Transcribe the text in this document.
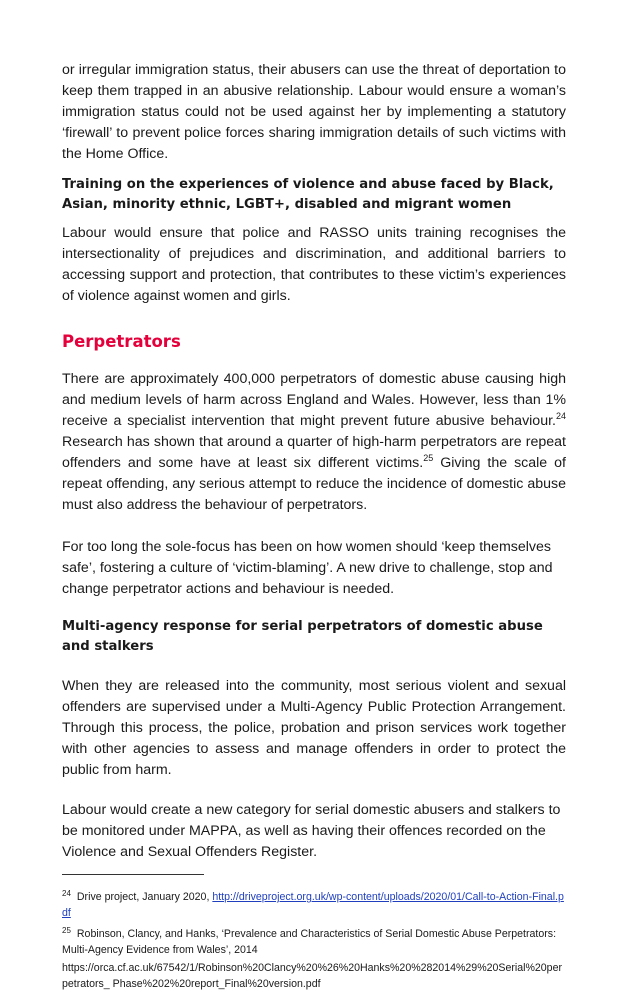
or irregular immigration status, their abusers can use the threat of deportation to keep them trapped in an abusive relationship. Labour would ensure a woman’s immigration status could not be used against her by implementing a statutory ‘firewall’ to prevent police forces sharing immigration details of such victims with the Home Office.

Training on the experiences of violence and abuse faced by Black, Asian, minority ethnic, LGBT+, disabled and migrant women

Labour would ensure that police and RASSO units training recognises the intersectionality of prejudices and discrimination, and additional barriers to accessing support and protection, that contributes to these victim’s experiences of violence against women and girls.

Perpetrators

There are approximately 400,000 perpetrators of domestic abuse causing high and medium levels of harm across England and Wales. However, less than 1% receive a specialist intervention that might prevent future abusive behaviour.$^{24}$ Research has shown that around a quarter of high-harm perpetrators are repeat offenders and some have at least six different victims.$^{25}$ Giving the scale of repeat offending, any serious attempt to reduce the incidence of domestic abuse must also address the behaviour of perpetrators.

For too long the sole-focus has been on how women should ‘keep themselves safe’, fostering a culture of ‘victim-blaming’. A new drive to challenge, stop and change perpetrator actions and behaviour is needed.

Multi-agency response for serial perpetrators of domestic abuse and stalkers

When they are released into the community, most serious violent and sexual offenders are supervised under a Multi-Agency Public Protection Arrangement. Through this process, the police, probation and prison services work together with other agencies to assess and manage offenders in order to protect the public from harm.

Labour would create a new category for serial domestic abusers and stalkers to be monitored under MAPPA, as well as having their offences recorded on the Violence and Sexual Offenders Register.

$^{24}$ Drive project, January 2020, http://driveproject.org.uk/wp-content/uploads/2020/01/Call-to-Action-Final.pdf
$^{25}$ Robinson, Clancy, and Hanks, ‘Prevalence and Characteristics of Serial Domestic Abuse Perpetrators: Multi-Agency Evidence from Wales’, 2014
https://orca.cf.ac.uk/67542/1/Robinson%20Clancy%20%26%20Hanks%20%282014%29%20Serial%20perpetrators_ Phase%202%20report_Final%20version.pdf
